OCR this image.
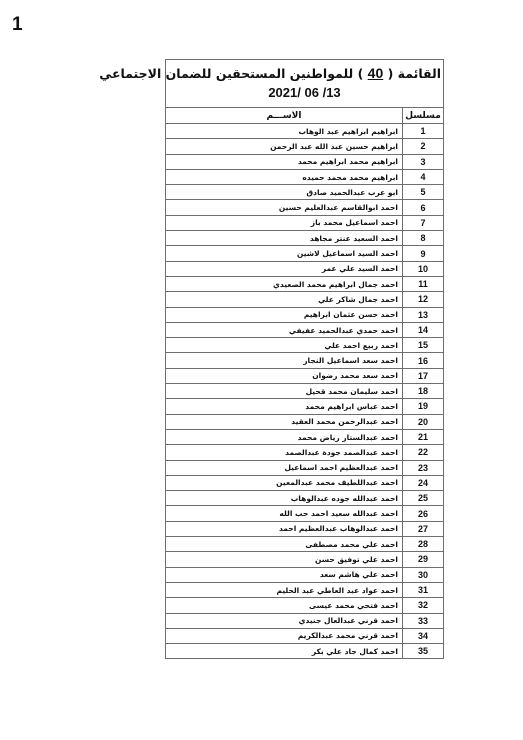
1
القائمة ( 40 ) للمواطنين المستحقين للضمان الاجتماعي
13/ 06 /2021
مسلسل	الاســـم
1	ابراهيم ابراهيم عبد الوهاب
2	ابراهيم حسين عبد الله عبد الرحمن
3	ابراهيم محمد ابراهيم محمد
4	ابراهيم محمد محمد حميده
5	ابو عرب عبدالحميد صادق
6	احمد ابوالقاسم عبدالعليم حسين
7	احمد اسماعيل محمد باز
8	احمد السعيد عنتر مجاهد
9	احمد السيد اسماعيل لاشين
10	احمد السيد علي عمر
11	احمد جمال ابراهيم محمد الصعيدي
12	احمد جمال شاكر علي
13	احمد حسن عثمان ابراهيم
14	احمد حمدي عبدالحميد عفيفي
15	احمد ربيع احمد علي
16	احمد سعد اسماعيل النجار
17	احمد سعد محمد رضوان
18	احمد سليمان محمد قحيل
19	احمد عباس ابراهيم محمد
20	احمد عبدالرحمن محمد العقيد
21	احمد عبدالستار رياض محمد
22	احمد عبدالصمد جودة عبدالصمد
23	احمد عبدالعظيم احمد اسماعيل
24	احمد عبداللطيف محمد عبدالمعين
25	احمد عبدالله جوده عبدالوهاب
26	احمد عبدالله سعيد احمد حب الله
27	احمد عبدالوهاب عبدالعظيم احمد
28	احمد علي محمد مصطفى
29	احمد علي توفيق حسن
30	احمد علي هاشم سعد
31	احمد عواد عبد العاطي عبد الحليم
32	احمد فتحي محمد عيسى
33	احمد قرني عبدالعال جنيدي
34	احمد قرني محمد عبدالكريم
35	احمد كمال جاد علي بكر
